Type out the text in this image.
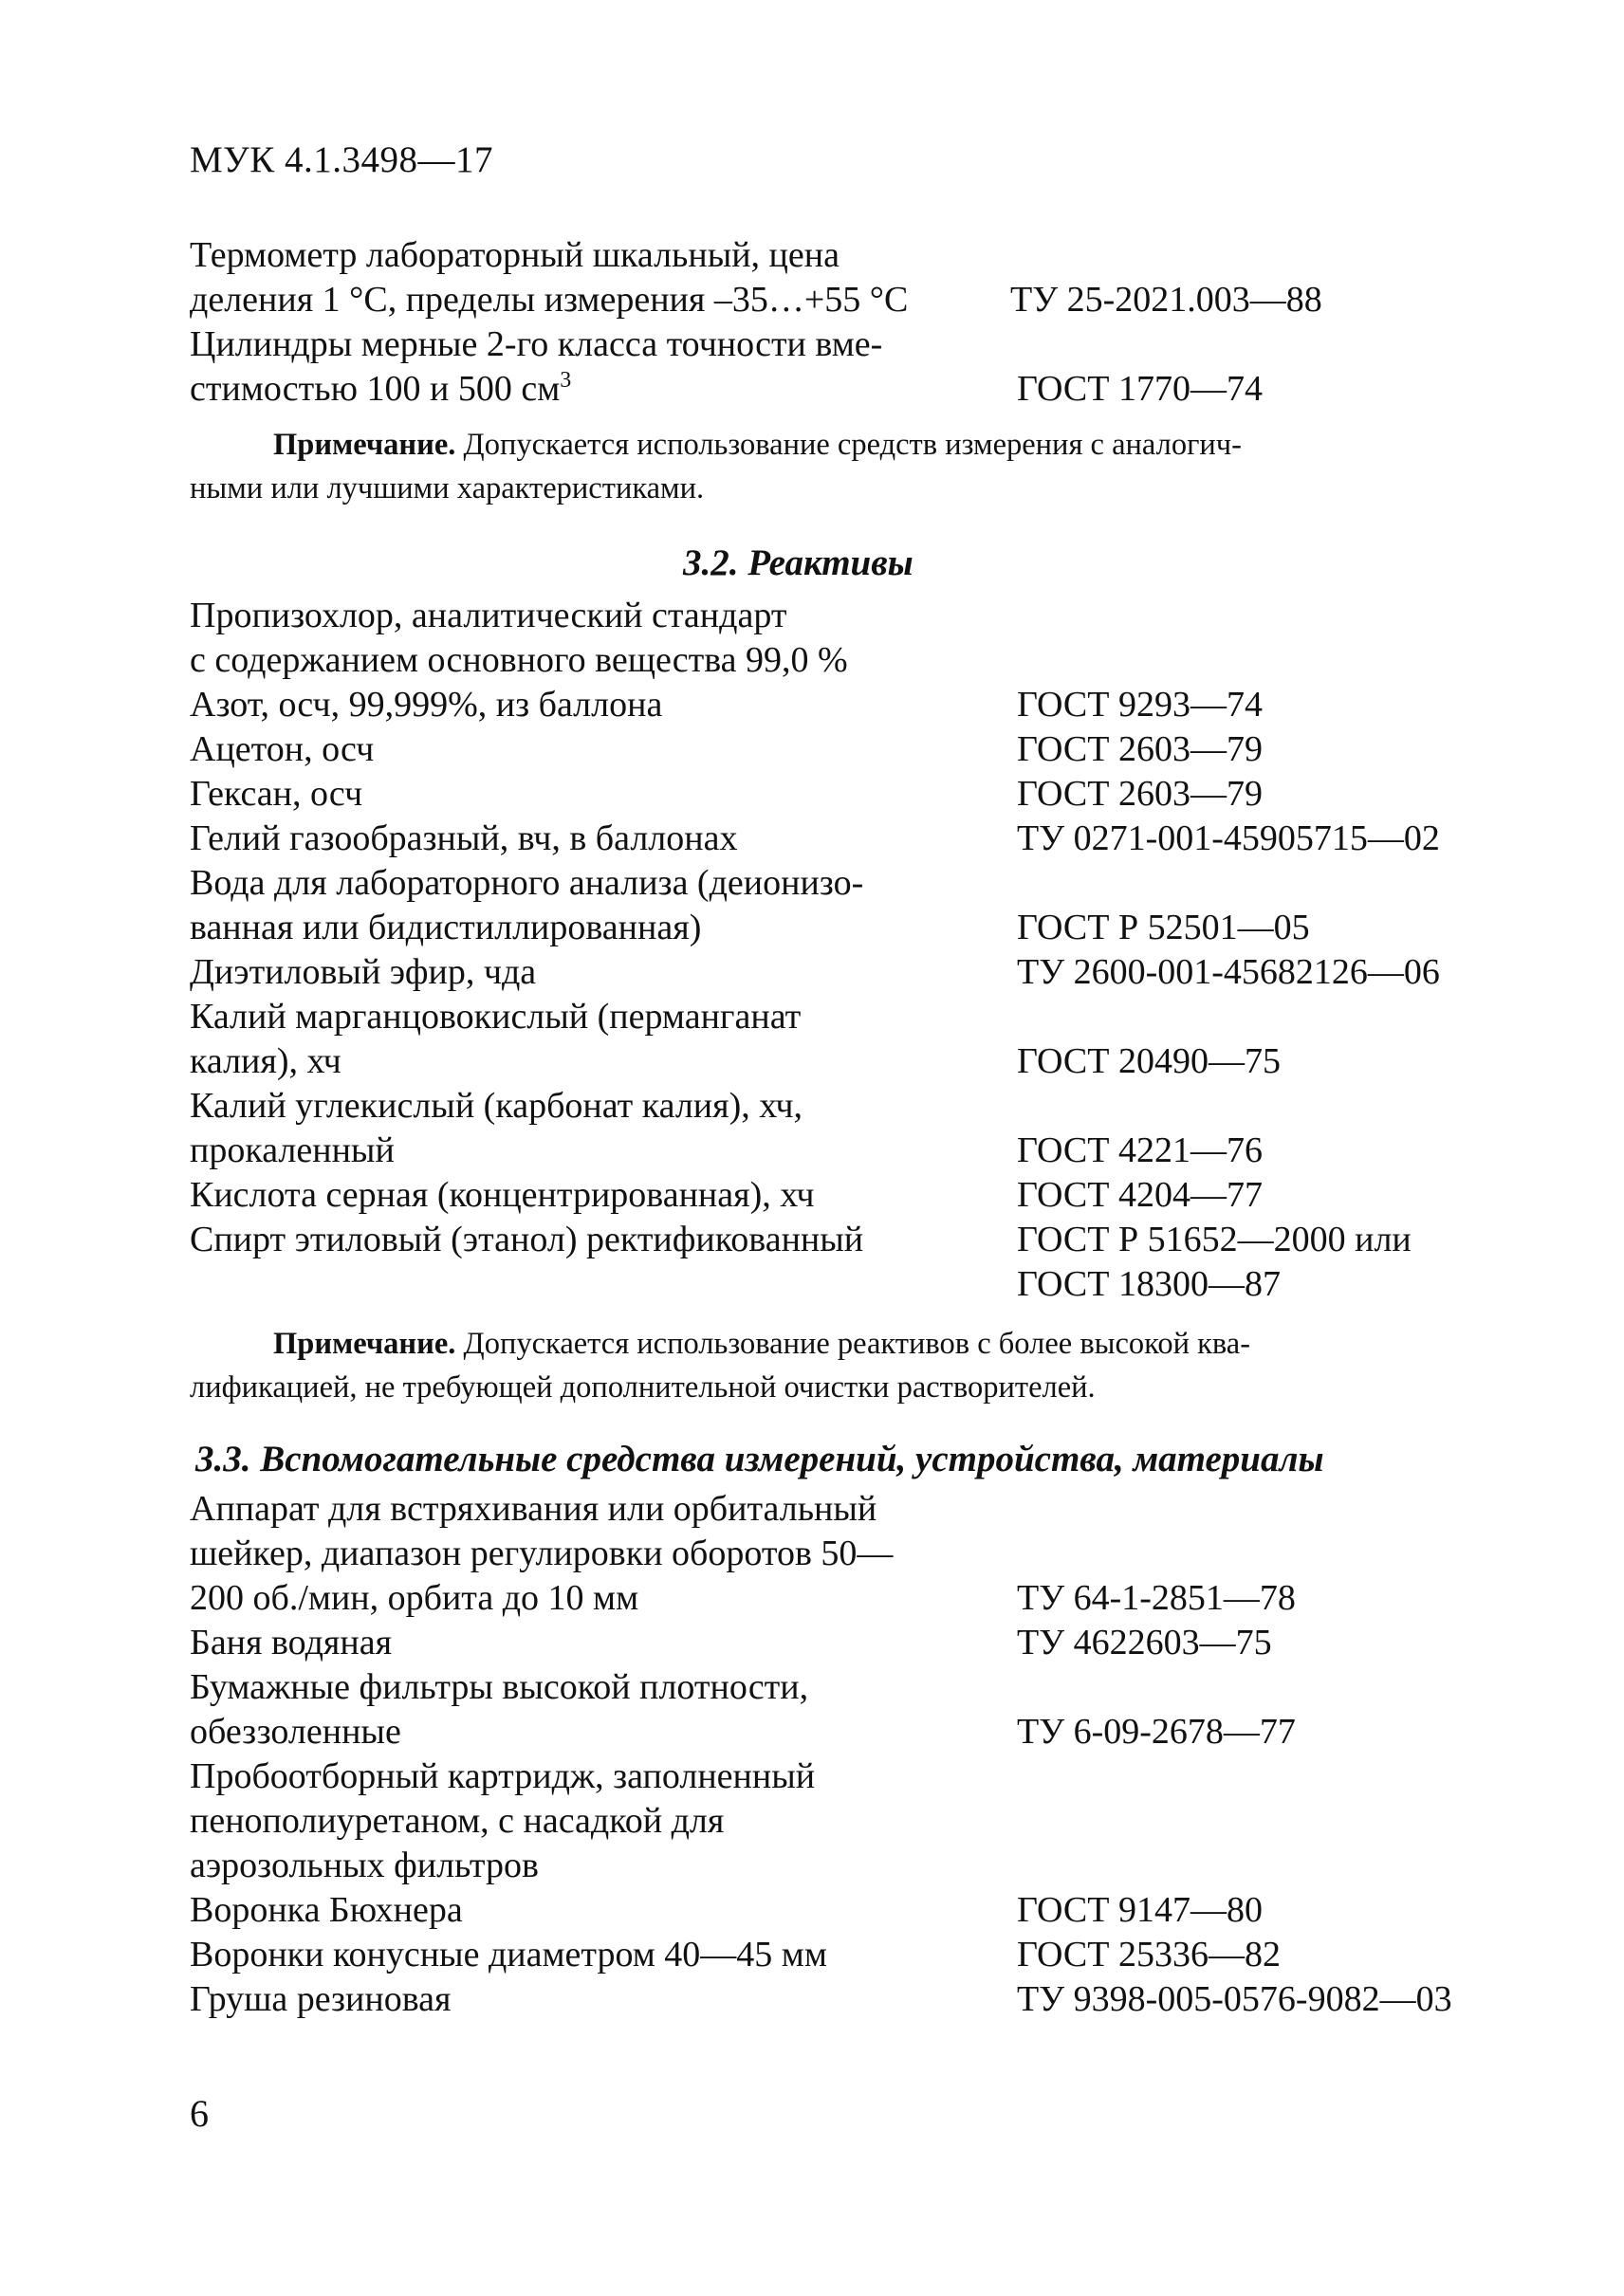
МУК 4.1.3498—17
Термометр лабораторный шкальный, цена
деления 1 °С, пределы измерения –35…+55 °С	ТУ 25-2021.003—88
Цилиндры мерные 2-го класса точности вме-
стимостью 100 и 500 $см^3$	ГОСТ 1770—74
Примечание. Допускается использование средств измерения с аналогич-
ными или лучшими характеристиками.
3.2. Реактивы
Пропизохлор, аналитический стандарт
с содержанием основного вещества 99,0 %
Азот, осч, 99,999%, из баллона	ГОСТ 9293—74
Ацетон, осч	ГОСТ 2603—79
Гексан, осч	ГОСТ 2603—79
Гелий газообразный, вч, в баллонах	ТУ 0271-001-45905715—02
Вода для лабораторного анализа (деионизо-
ванная или бидистиллированная)	ГОСТ Р 52501—05
Диэтиловый эфир, чда	ТУ 2600-001-45682126—06
Калий марганцовокислый (перманганат
калия), хч	ГОСТ 20490—75
Калий углекислый (карбонат калия), хч,
прокаленный	ГОСТ 4221—76
Кислота серная (концентрированная), хч	ГОСТ 4204—77
Спирт этиловый (этанол) ректификованный	ГОСТ Р 51652—2000 или
ГОСТ 18300—87
Примечание. Допускается использование реактивов с более высокой ква-
лификацией, не требующей дополнительной очистки растворителей.
3.3. Вспомогательные средства измерений, устройства, материалы
Аппарат для встряхивания или орбитальный
шейкер, диапазон регулировки оборотов 50—
200 об./мин, орбита до 10 мм	ТУ 64-1-2851—78
Баня водяная	ТУ 4622603—75
Бумажные фильтры высокой плотности,
обеззоленные	ТУ 6-09-2678—77
Пробоотборный картридж, заполненный
пенополиуретаном, с насадкой для
аэрозольных фильтров
Воронка Бюхнера	ГОСТ 9147—80
Воронки конусные диаметром 40—45 мм	ГОСТ 25336—82
Груша резиновая	ТУ 9398-005-0576-9082—03
6
